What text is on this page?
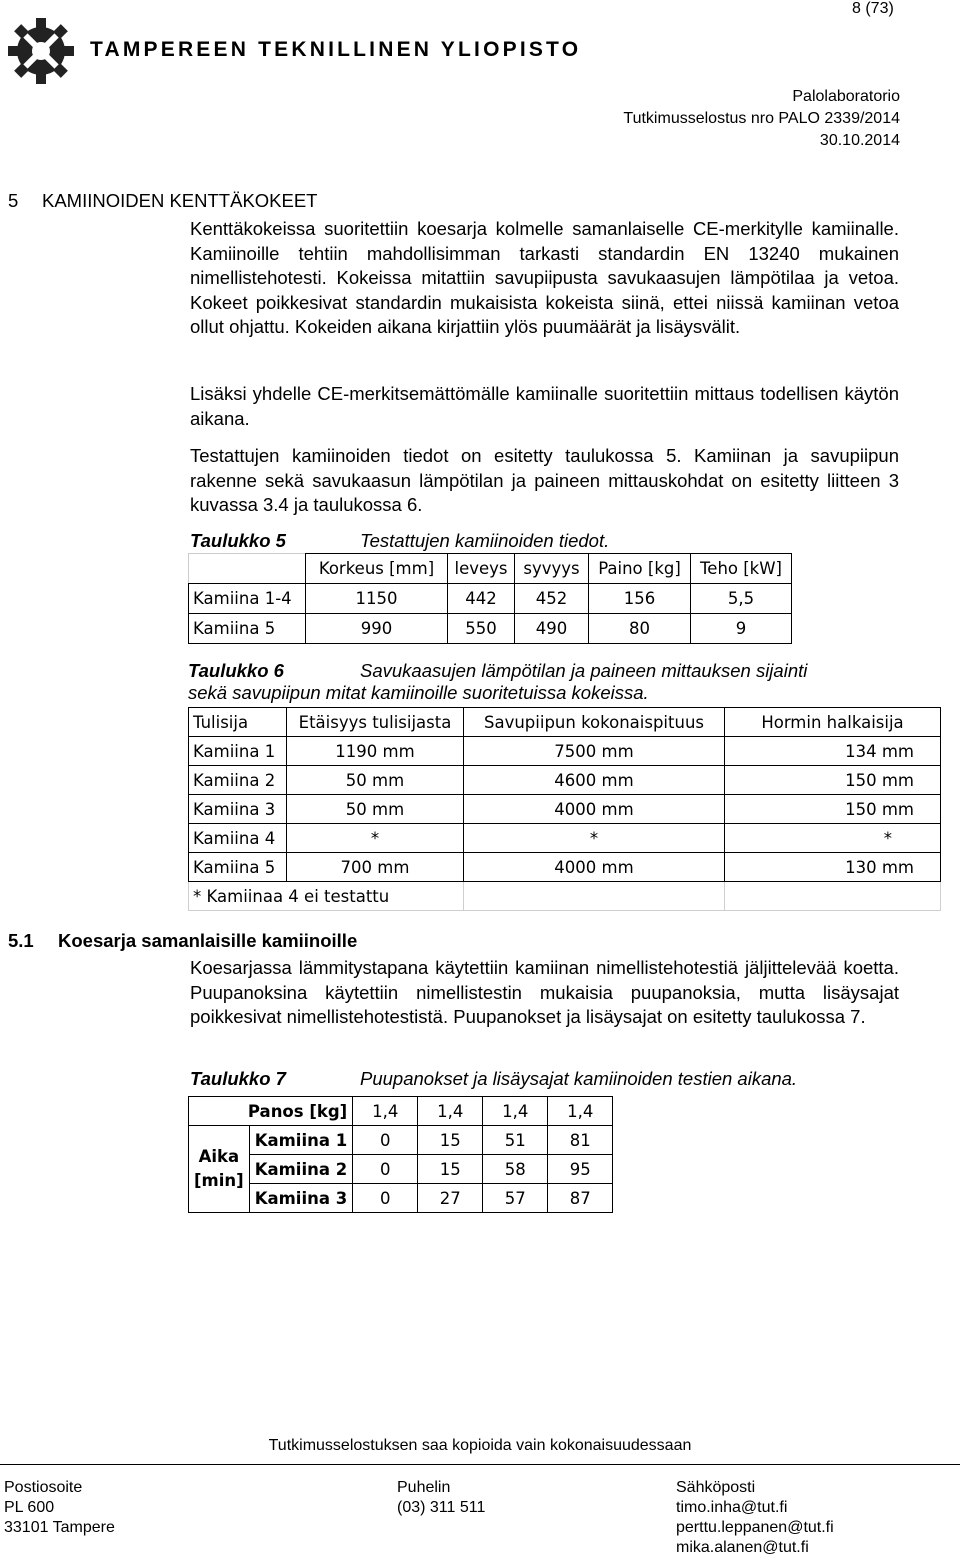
8 (73)
TAMPEREEN TEKNILLINEN YLIOPISTO
Palolaboratorio
Tutkimusselostus nro PALO 2339/2014
30.10.2014
5 KAMIINOIDEN KENTTÄKOKEET

Kenttäkokeissa suoritettiin koesarja kolmelle samanlaiselle CE-merkitylle kamiinalle. Kamiinoille tehtiin mahdollisimman tarkasti standardin EN 13240 mukainen nimellistehotesti. Kokeissa mitattiin savupiipusta savukaasujen lämpötilaa ja vetoa. Kokeet poikkesivat standardin mukaisista kokeista siinä, ettei niissä kamiinan vetoa ollut ohjattu. Kokeiden aikana kirjattiin ylös puumäärät ja lisäysvälit.

Lisäksi yhdelle CE-merkitsemättömälle kamiinalle suoritettiin mittaus todellisen käytön aikana.

Testattujen kamiinoiden tiedot on esitetty taulukossa 5. Kamiinan ja savupiipun rakenne sekä savukaasun lämpötilan ja paineen mittauskohdat on esitetty liitteen 3 kuvassa 3.4 ja taulukossa 6.

Taulukko 5	Testattujen kamiinoiden tiedot.
	Korkeus [mm]	leveys	syvyys	Paino [kg]	Teho [kW]
Kamiina 1-4	1150	442	452	156	5,5
Kamiina 5	990	550	490	80	9
Taulukko 6	Savukaasujen lämpötilan ja paineen mittauksen sijainti
sekä savupiipun mitat kamiinoille suoritetuissa kokeissa.
Tulisija	Etäisyys tulisijasta	Savupiipun kokonaispituus	Hormin halkaisija
Kamiina 1	1190 mm	7500 mm	134 mm
Kamiina 2	50 mm	4600 mm	150 mm
Kamiina 3	50 mm	4000 mm	150 mm
Kamiina 4	*	*	*
Kamiina 5	700 mm	4000 mm	130 mm
* Kamiinaa 4 ei testattu			
5.1 Koesarja samanlaisille kamiinoille

Koesarjassa lämmitystapana käytettiin kamiinan nimellistehotestiä jäljittelevää koetta. Puupanoksina käytettiin nimellistestin mukaisia puupanoksia, mutta lisäysajat poikkesivat nimellistehotestistä. Puupanokset ja lisäysajat on esitetty taulukossa 7.

Taulukko 7	Puupanokset ja lisäysajat kamiinoiden testien aikana.
Panos [kg]		1,4	1,4	1,4	1,4
Aika
[min]	Kamiina 1	0	15	51	81
	Kamiina 2	0	15	58	95
	Kamiina 3	0	27	57	87
Tutkimusselostuksen saa kopioida vain kokonaisuudessaan
Postiosoite
PL 600
33101 Tampere
Puhelin
(03) 311 511
Sähköposti
timo.inha@tut.fi
perttu.leppanen@tut.fi
mika.alanen@tut.fi
